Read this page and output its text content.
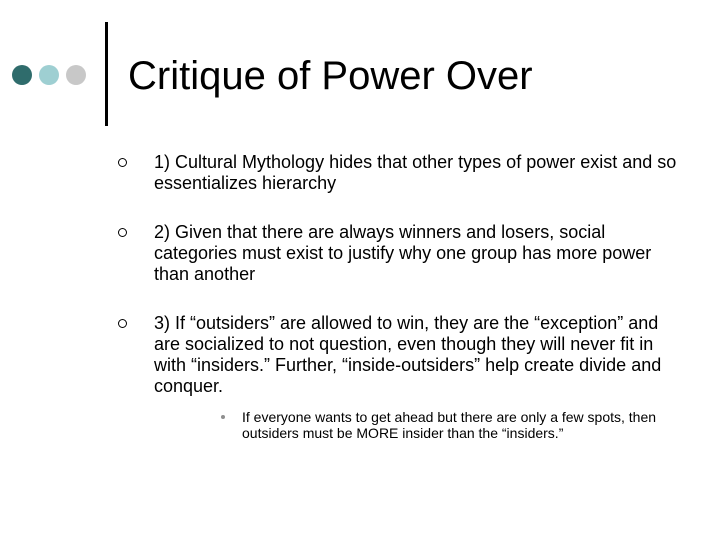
Critique of Power Over
1) Cultural Mythology hides that other types of power exist and so essentializes hierarchy
2) Given that there are always winners and losers, social categories must exist to justify why one group has more power than another
3) If “outsiders” are allowed to win, they are the “exception” and are socialized to not question, even though they will never fit in with “insiders.” Further, “inside-outsiders” help create divide and conquer.
If everyone wants to get ahead but there are only a few spots, then outsiders must be MORE insider than the “insiders.”
